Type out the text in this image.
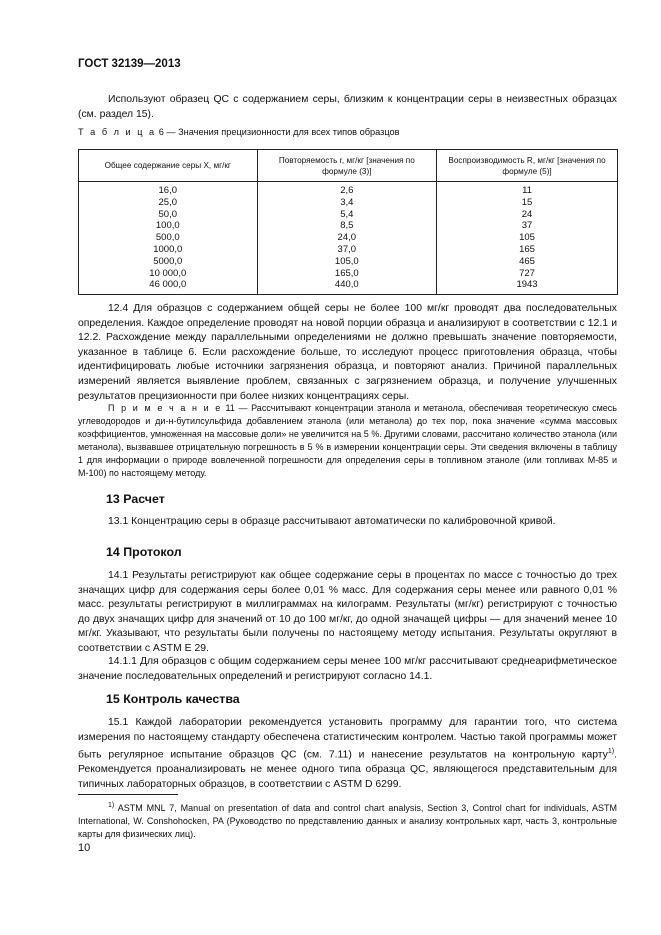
ГОСТ 32139—2013

Используют образец QC с содержанием серы, близким к концентрации серы в неизвестных образцах (см. раздел 15).

Т а б л и ц а 6 — Значения прецизионности для всех типов образцов
Общее содержание серы X, мг/кг	Повторяемость r, мг/кг [значения по формуле (3)]	Воспроизводимость R, мг/кг [значения по формуле (5)]
16,0	2,6	11
25,0	3,4	15
50,0	5,4	24
100,0	8,5	37
500,0	24,0	105
1000,0	37,0	165
5000,0	105,0	465
10 000,0	165,0	727
46 000,0	440,0	1943

12.4 Для образцов с содержанием общей серы не более 100 мг/кг проводят два последовательных определения. Каждое определение проводят на новой порции образца и анализируют в соответствии с 12.1 и 12.2. Расхождение между параллельными определениями не должно превышать значение повторяемости, указанное в таблице 6. Если расхождение больше, то исследуют процесс приготовления образца, чтобы идентифицировать любые источники загрязнения образца, и повторяют анализ. Причиной параллельных измерений является выявление проблем, связанных с загрязнением образца, и получение улучшенных результатов прецизионности при более низких концентрациях серы.

П р и м е ч а н и е 11 — Рассчитывают концентрации этанола и метанола, обеспечивая теоретическую смесь углеводородов и ди-н-бутилсульфида добавлением этанола (или метанола) до тех пор, пока значение «сумма массовых коэффициентов, умноженная на массовые доли» не увеличится на 5 %. Другими словами, рассчитано количество этанола (или метанола), вызвавшее отрицательную погрешность в 5 % в измерении концентрации серы. Эти сведения включены в таблицу 1 для информации о природе вовлеченной погрешности для определения серы в топливном этаноле (или топливах М-85 и М-100) по настоящему методу.

13 Расчет

13.1 Концентрацию серы в образце рассчитывают автоматически по калибровочной кривой.

14 Протокол

14.1 Результаты регистрируют как общее содержание серы в процентах по массе с точностью до трех значащих цифр для содержания серы более 0,01 % масс. Для содержания серы менее или равного 0,01 % масс. результаты регистрируют в миллиграммах на килограмм. Результаты (мг/кг) регистрируют с точностью до двух значащих цифр для значений от 10 до 100 мг/кг, до одной значащей цифры — для значений менее 10 мг/кг. Указывают, что результаты были получены по настоящему методу испытания. Результаты округляют в соответствии с ASTM E 29.

14.1.1 Для образцов с общим содержанием серы менее 100 мг/кг рассчитывают среднеарифметическое значение последовательных определений и регистрируют согласно 14.1.

15 Контроль качества

15.1 Каждой лаборатории рекомендуется установить программу для гарантии того, что система измерения по настоящему стандарту обеспечена статистическим контролем. Частью такой программы может быть регулярное испытание образцов QC (см. 7.11) и нанесение результатов на контрольную карту$^{1)}$. Рекомендуется проанализировать не менее одного типа образца QC, являющегося представительным для типичных лабораторных образцов, в соответствии с ASTM D 6299.

$^{1)}$ ASTM MNL 7, Manual on presentation of data and control chart analysis, Section 3, Control chart for individuals, ASTM International, W. Conshohocken, PA (Руководство по представлению данных и анализу контрольных карт, часть 3, контрольные карты для физических лиц).

10
